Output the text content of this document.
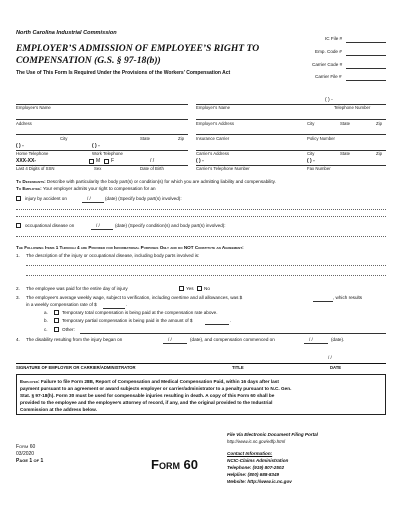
North Carolina Industrial Commission
EMPLOYER’S ADMISSION OF EMPLOYEE’S RIGHT TO
COMPENSATION (G.S. § 97-18(b))
The Use of This Form Is Required Under the Provisions of the Workers’ Compensation Act
IC File #
Emp. Code #
Carrier Code #
Carrier File #
( ) -
Employee’s Name	Employer’s Name	Telephone Number
Address	Employer’s Address	City	State	Zip
City	State	Zip	Insurance Carrier	Policy Number
( ) -	( ) -
Home Telephone	Work Telephone	Carrier’s Address	City	State	Zip
XXX-XX-	M F	/ /	( ) -	( ) -
Last 4 Digits of SSN	Sex	Date of Birth	Carrier’s Telephone Number	Fax Number
To Defendants: Describe with particularity the body part(s) or condition(s) for which you are admitting liability and compensability.
To Employee: Your employer admits your right to compensation for an
injury by accident on	/ /	(date) (Specify body part(s) involved):
occupational disease on	/ /	(date) (Specify condition(s) and body part(s) involved):
The Following Items 1 Through 4 are Provided for Informational Purposes Only and do NOT Constitute an Agreement:
1. The description of the injury or occupational disease, including body parts involved is:
2. The employee was paid for the entire day of injury	Yes No
3. The employee’s average weekly wage, subject to verification, including overtime and all allowances, was $	, which results
in a weekly compensation rate of $	.
a.	Temporary total compensation is being paid at the compensation rate above.
b.	Temporary partial compensation is being paid in the amount of $	.
c.	Other:
4. The disability resulting from the injury began on	/ /	(date), and compensation commenced on	/ /	(date).
/ /
SIGNATURE OF EMPLOYER OR CARRIER/ADMINISTRATOR	TITLE	DATE
Employer: Failure to file Form 28B, Report of Compensation and Medical Compensation Paid, within 16 days after last
payment pursuant to an agreement or award subjects employer or carrier/administrator to a penalty pursuant to N.C. Gen.
Stat. § 97-18(h). Form 30 must be used for compensable injuries resulting in death. A copy of this Form 60 shall be
provided to the employee and the employee’s attorney of record, if any, and the original provided to the Industrial
Commission at the address below.
File Via Electronic Document Filing Portal
http://www.ic.nc.gov/edfp.html
Form 60
03/2020
Page 1 of 1	Form 60
Contact Information:
NCIC-Claims Administration
Telephone: (919) 807-2502
Helpline: (800) 688-8349
Website: http://www.ic.nc.gov
